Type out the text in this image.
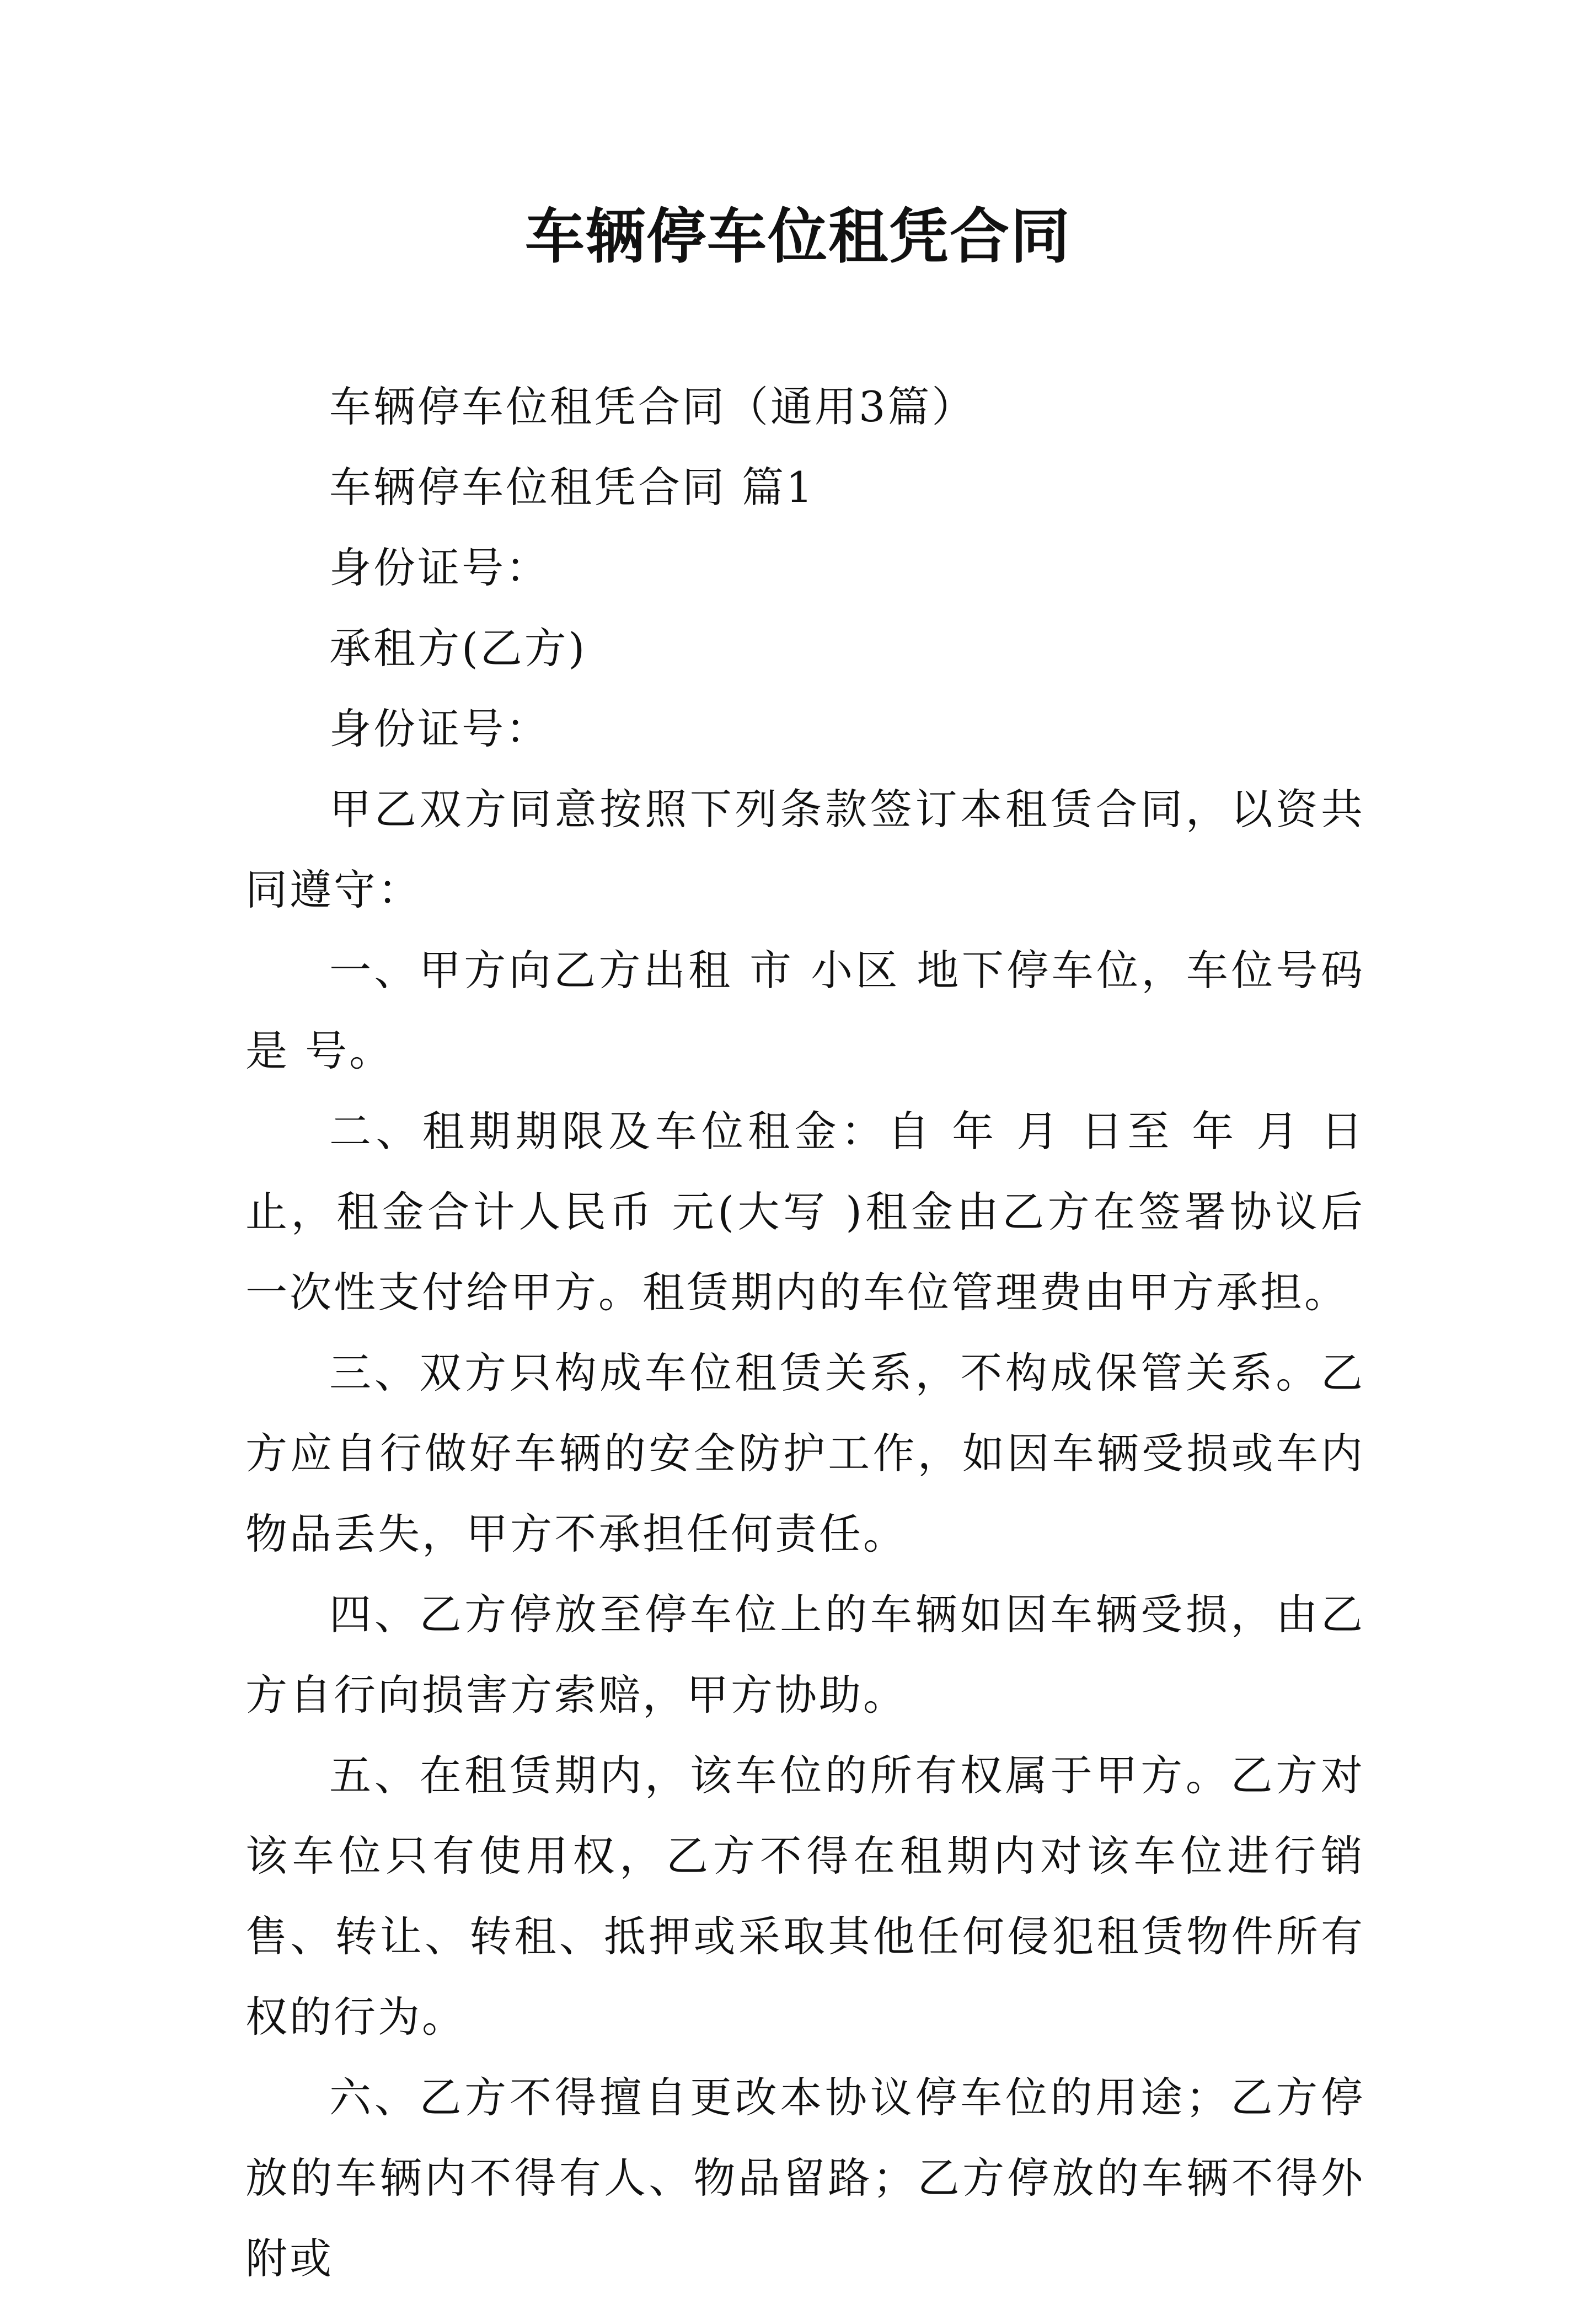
车辆停车位租凭合同

车辆停车位租凭合同（通用3篇）

车辆停车位租凭合同 篇1

身份证号：

承租方(乙方)

身份证号：

甲乙双方同意按照下列条款签订本租赁合同，以资共同遵守：

一、甲方向乙方出租 市 小区 地下停车位，车位号码是 号。

二、租期期限及车位租金：自 年 月 日至 年 月 日止，租金合计人民币 元(大写 )租金由乙方在签署协议后一次性支付给甲方。租赁期内的车位管理费由甲方承担。

三、双方只构成车位租赁关系，不构成保管关系。乙方应自行做好车辆的安全防护工作，如因车辆受损或车内物品丢失，甲方不承担任何责任。

四、乙方停放至停车位上的车辆如因车辆受损，由乙方自行向损害方索赔，甲方协助。

五、在租赁期内，该车位的所有权属于甲方。乙方对该车位只有使用权，乙方不得在租期内对该车位进行销售、转让、转租、抵押或采取其他任何侵犯租赁物件所有权的行为。

六、乙方不得擅自更改本协议停车位的用途；乙方停放的车辆内不得有人、物品留路；乙方停放的车辆不得外附或
